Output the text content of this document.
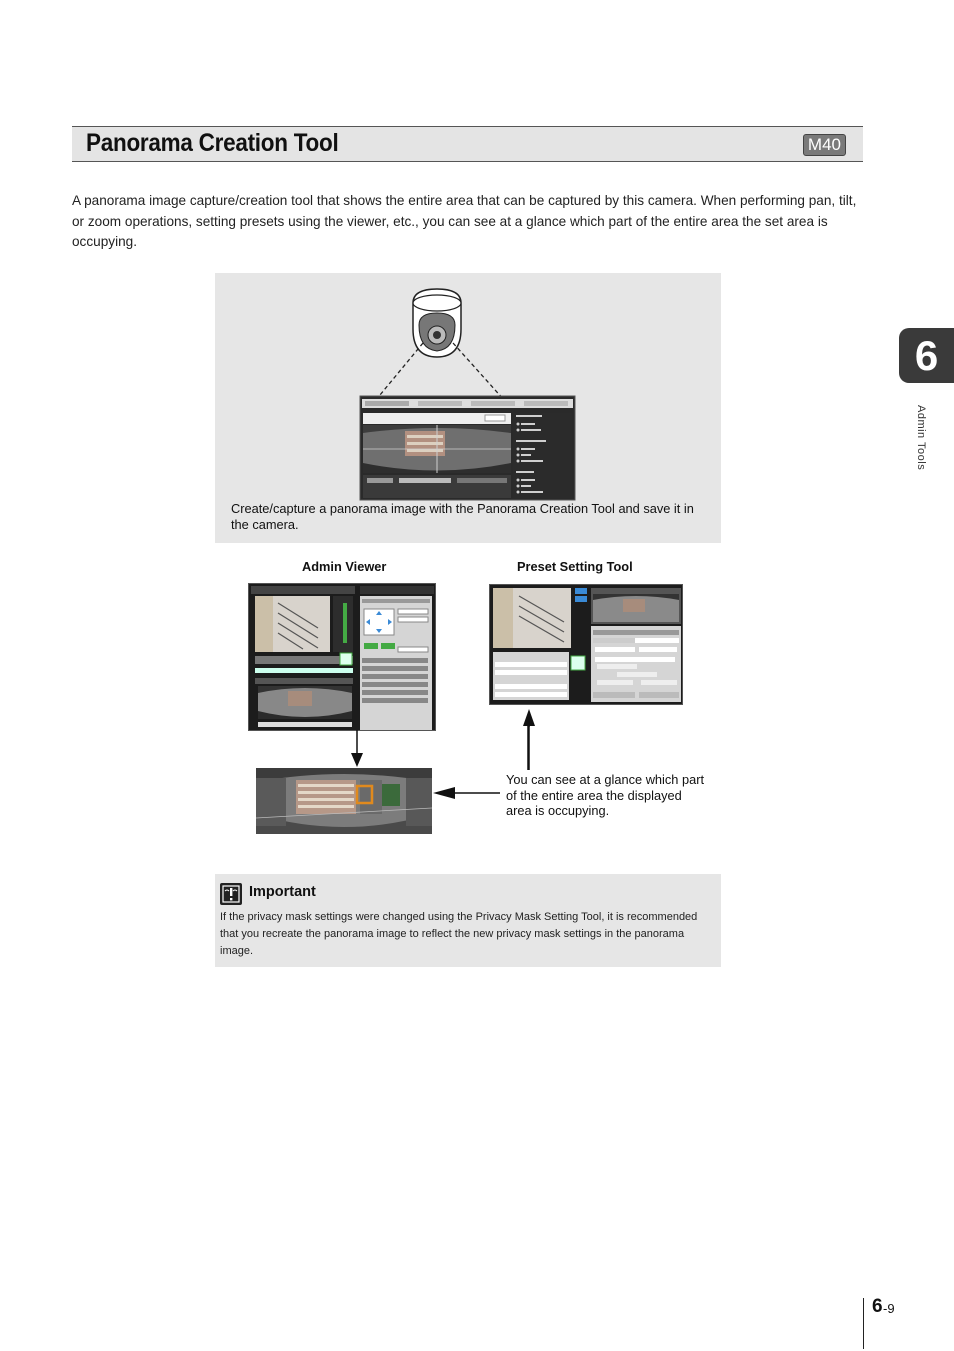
Panorama Creation Tool	M40
A panorama image capture/creation tool that shows the entire area that can be captured by this camera. When performing pan, tilt, or zoom operations, setting presets using the viewer, etc., you can see at a glance which part of the entire area the set area is occupying.
Create/capture a panorama image with the Panorama Creation Tool and save it in the camera.
Admin Viewer	Preset Setting Tool
You can see at a glance which part of the entire area the displayed area is occupying.
Important
If the privacy mask settings were changed using the Privacy Mask Setting Tool, it is recommended that you recreate the panorama image to reflect the new privacy mask settings in the panorama image.
6
Admin Tools
6 -9
